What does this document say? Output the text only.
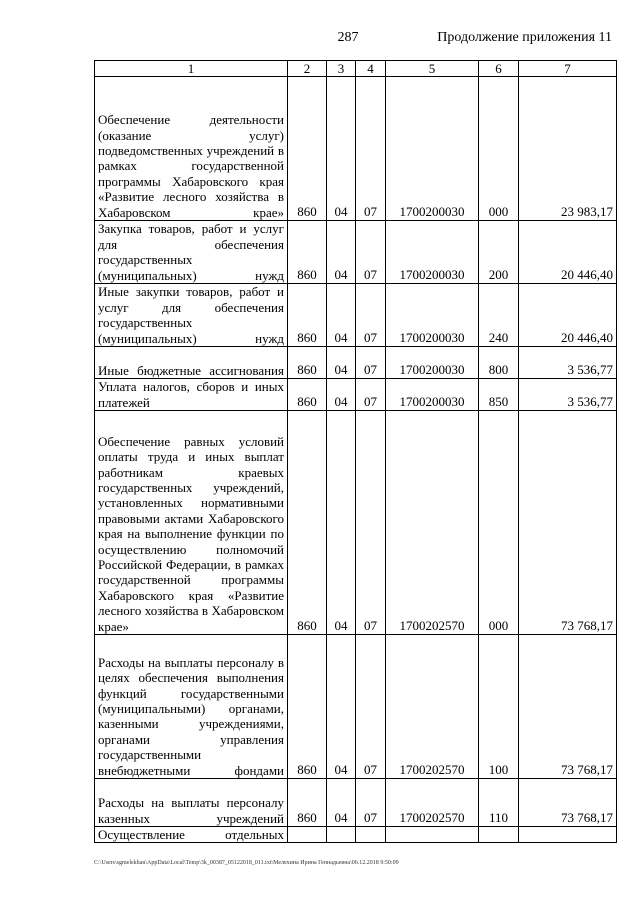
287	Продолжение приложения 11
1	2	3	4	5	6	7
Обеспечение деятельности (оказание услуг) подведомственных учреждений в рамках государственной программы Хабаровского края «Развитие лесного хозяйства в Хабаровском крае»	860	04	07	1700200030	000	23 983,17
Закупка товаров, работ и услуг для обеспечения государственных (муниципальных) нужд	860	04	07	1700200030	200	20 446,40
Иные закупки товаров, работ и услуг для обеспечения государственных (муниципальных) нужд	860	04	07	1700200030	240	20 446,40
Иные бюджетные ассигнования	860	04	07	1700200030	800	3 536,77
Уплата налогов, сборов и иных платежей	860	04	07	1700200030	850	3 536,77
Обеспечение равных условий оплаты труда и иных выплат работникам краевых государственных учреждений, установленных нормативными правовыми актами Хабаровского края на выполнение функции по осуществлению полномочий Российской Федерации, в рамках государственной программы Хабаровского края «Развитие лесного хозяйства в Хабаровском крае»	860	04	07	1700202570	000	73 768,17
Расходы на выплаты персоналу в целях обеспечения выполнения функций государственными (муниципальными) органами, казенными учреждениями, органами управления государственными внебюджетными фондами	860	04	07	1700202570	100	73 768,17
Расходы на выплаты персоналу казенных учреждений	860	04	07	1700202570	110	73 768,17
Осуществление отдельных						
C:\Users\sgmelekhan\AppData\Local\Temp\3k_00387_05122018_011.txt\Мелехина Ирина Геннадьевна\06.12.2018 9:50:09
